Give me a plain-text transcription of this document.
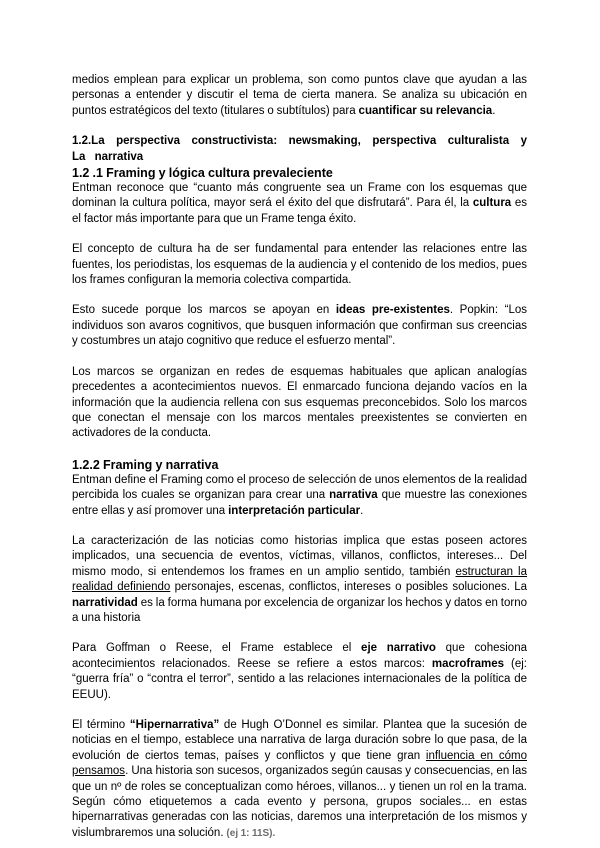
medios emplean para explicar un problema, son como puntos clave que ayudan a las personas a entender y discutir el tema de cierta manera. Se analiza su ubicación en puntos estratégicos del texto (titulares o subtítulos) para cuantificar su relevancia.

1.2.La perspectiva constructivista: newsmaking, perspectiva culturalista y La narrativa

1.2 .1 Framing y lógica cultura prevaleciente

Entman reconoce que “cuanto más congruente sea un Frame con los esquemas que dominan la cultura política, mayor será el éxito del que disfrutará”. Para él, la cultura es el factor más importante para que un Frame tenga éxito.

El concepto de cultura ha de ser fundamental para entender las relaciones entre las fuentes, los periodistas, los esquemas de la audiencia y el contenido de los medios, pues los frames configuran la memoria colectiva compartida.

Esto sucede porque los marcos se apoyan en ideas pre-existentes. Popkin: “Los individuos son avaros cognitivos, que busquen información que confirman sus creencias y costumbres un atajo cognitivo que reduce el esfuerzo mental”.

Los marcos se organizan en redes de esquemas habituales que aplican analogías precedentes a acontecimientos nuevos. El enmarcado funciona dejando vacíos en la información que la audiencia rellena con sus esquemas preconcebidos. Solo los marcos que conectan el mensaje con los marcos mentales preexistentes se convierten en activadores de la conducta.

1.2.2 Framing y narrativa

Entman define el Framing como el proceso de selección de unos elementos de la realidad percibida los cuales se organizan para crear una narrativa que muestre las conexiones entre ellas y así promover una interpretación particular.

La caracterización de las noticias como historias implica que estas poseen actores implicados, una secuencia de eventos, víctimas, villanos, conflictos, intereses... Del mismo modo, si entendemos los frames en un amplio sentido, también estructuran la realidad definiendo personajes, escenas, conflictos, intereses o posibles soluciones. La narratividad es la forma humana por excelencia de organizar los hechos y datos en torno a una historia

Para Goffman o Reese, el Frame establece el eje narrativo que cohesiona acontecimientos relacionados. Reese se refiere a estos marcos: macroframes (ej: “guerra fría” o “contra el terror”, sentido a las relaciones internacionales de la política de EEUU).

El término “Hipernarrativa” de Hugh O’Donnel es similar. Plantea que la sucesión de noticias en el tiempo, establece una narrativa de larga duración sobre lo que pasa, de la evolución de ciertos temas, países y conflictos y que tiene gran influencia en cómo pensamos. Una historia son sucesos, organizados según causas y consecuencias, en las que un nº de roles se conceptualizan como héroes, villanos... y tienen un rol en la trama. Según cómo etiquetemos a cada evento y persona, grupos sociales... en estas hipernarrativas generadas con las noticias, daremos una interpretación de los mismos y vislumbraremos una solución. (ej 1: 11S).
